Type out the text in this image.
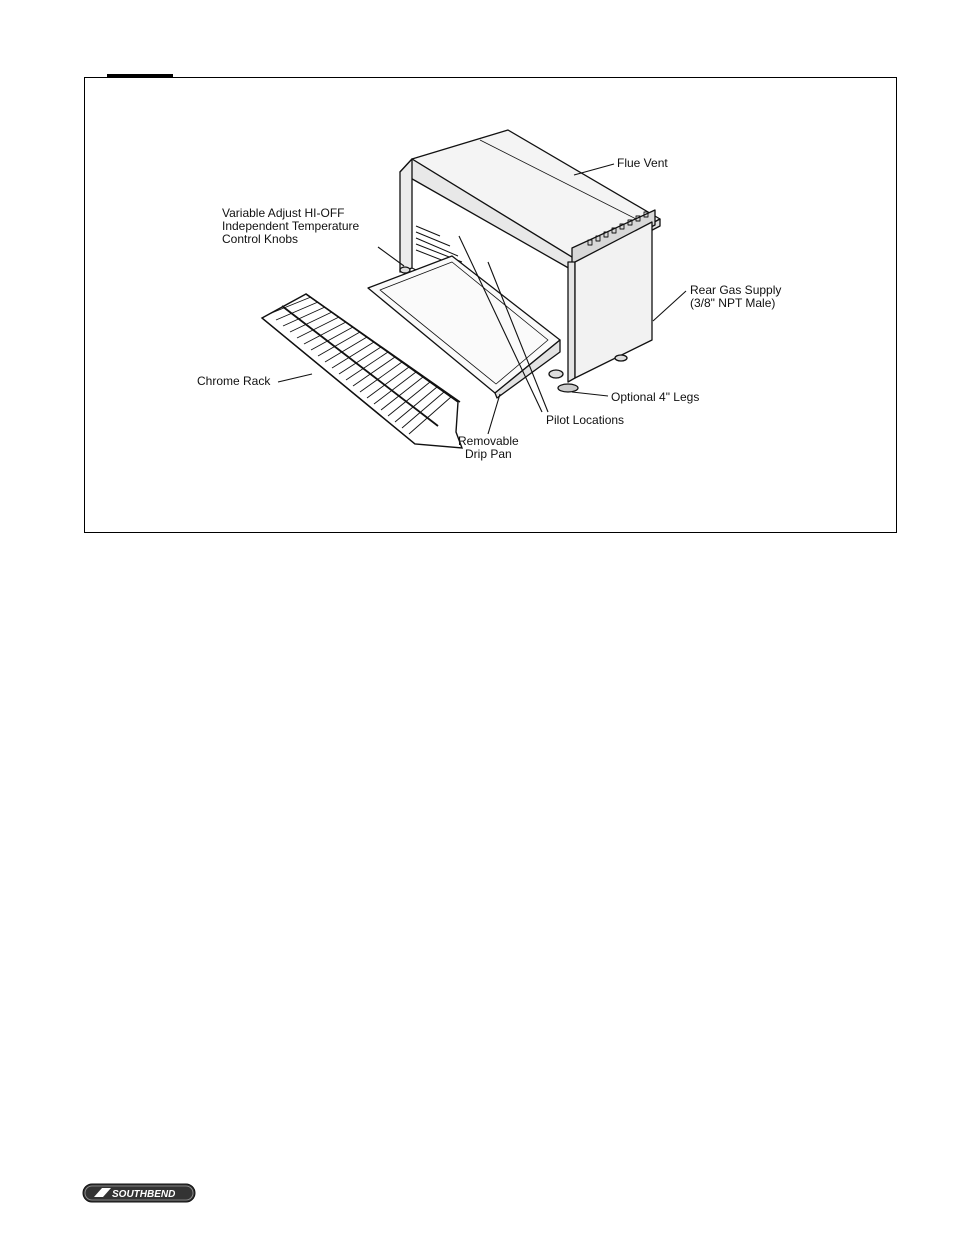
Flue Vent
Variable Adjust HI-OFF
Independent Temperature
Control Knobs
Rear Gas Supply
(3/8" NPT Male)
Chrome Rack
Optional 4" Legs
Pilot Locations
Removable
Drip Pan
SOUTHBEND
